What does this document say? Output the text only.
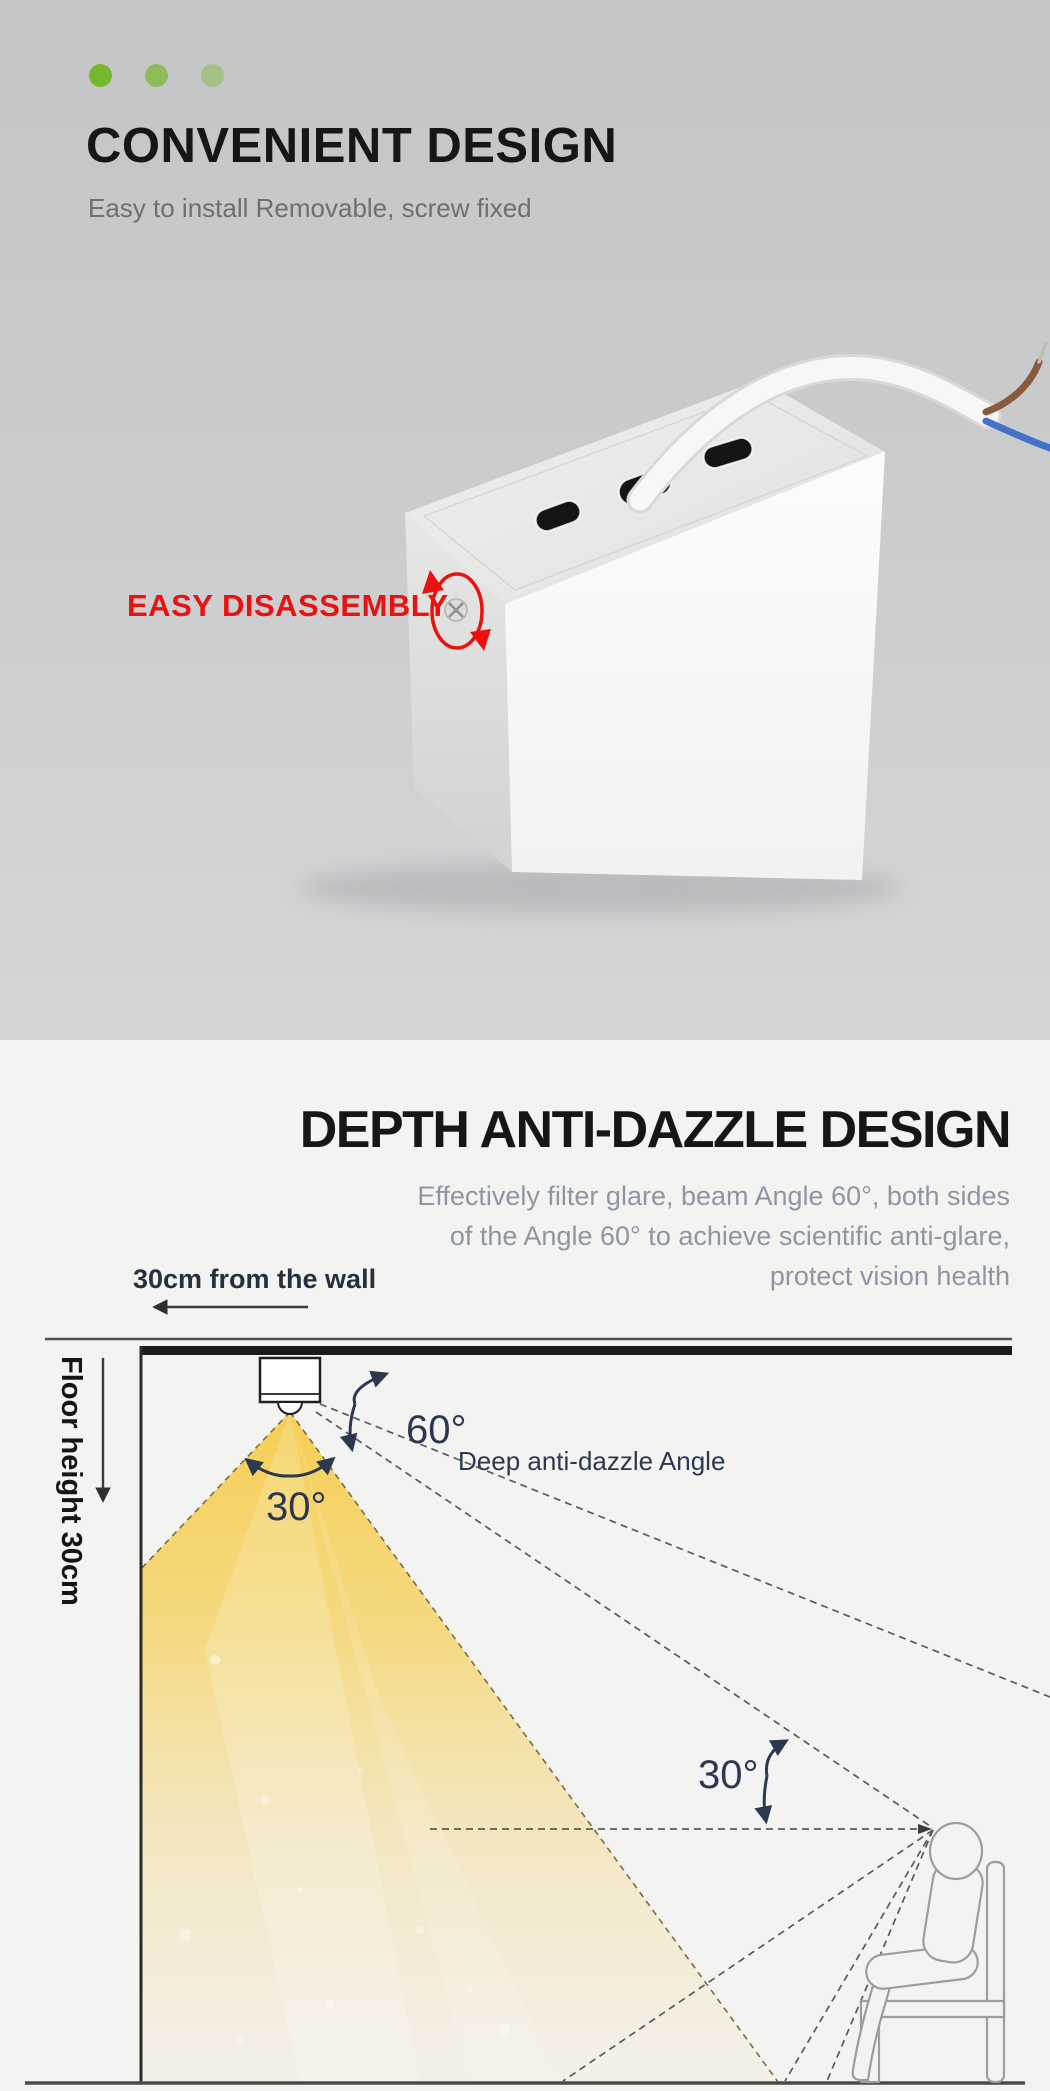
CONVENIENT DESIGN
Easy to install Removable, screw fixed
EASY DISASSEMBLY
DEPTH ANTI-DAZZLE DESIGN
Effectively filter glare, beam Angle 60°, both sides
of the Angle 60° to achieve scientific anti-glare,
protect vision health
30cm from the wall
Floor height 30cm	60°
Deep anti-dazzle Angle
30°
30°
